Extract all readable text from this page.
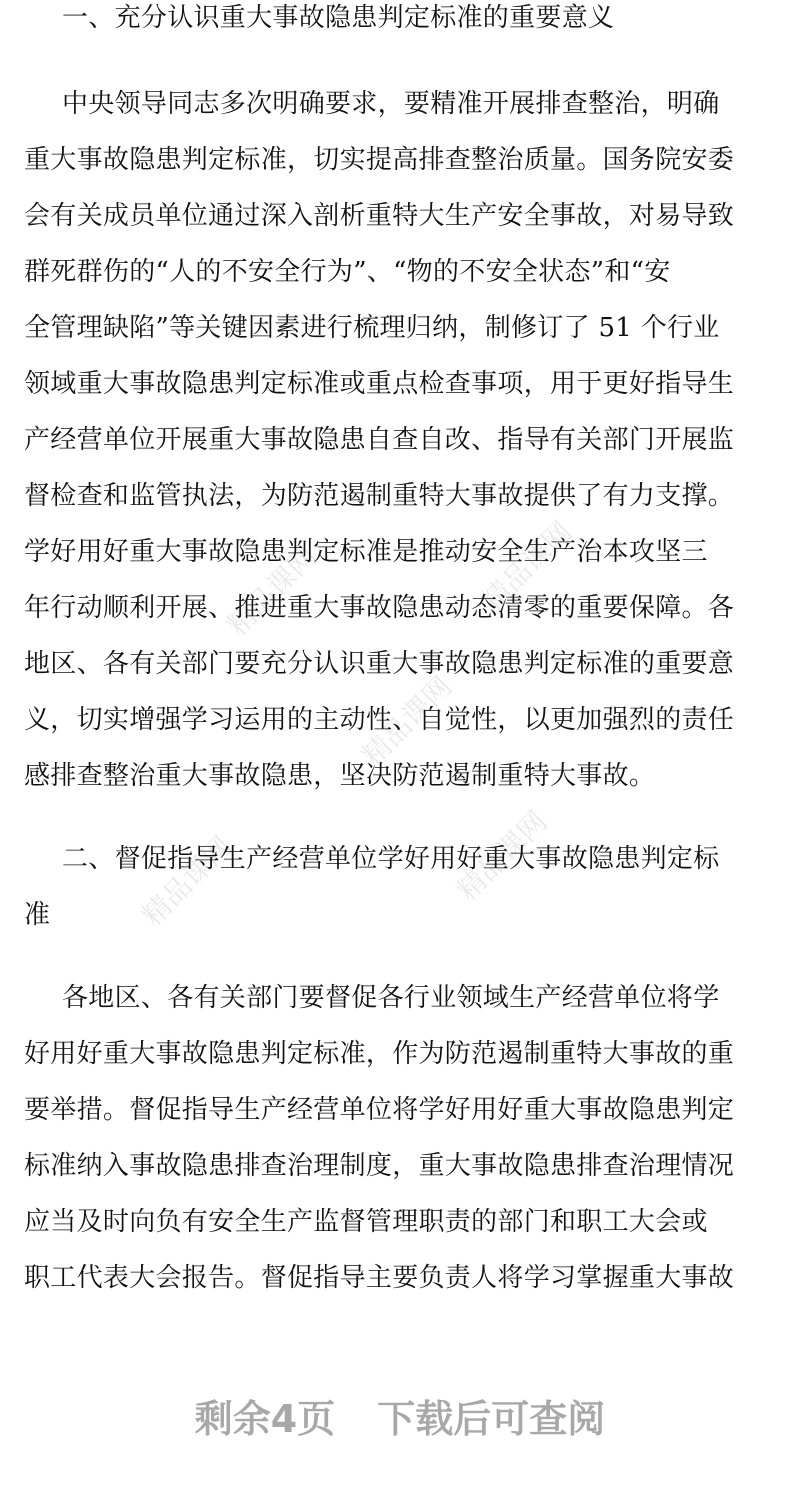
精品课网	精品课网
精品课网
精品课网	精品课网
一、充分认识重大事故隐患判定标准的重要意义
中央领导同志多次明确要求，要精准开展排查整治，明确
重大事故隐患判定标准，切实提高排查整治质量。国务院安委
会有关成员单位通过深入剖析重特大生产安全事故，对易导致
群死群伤的“人的不安全行为”、“物的不安全状态”和“安
全管理缺陷”等关键因素进行梳理归纳，制修订了 51 个行业
领域重大事故隐患判定标准或重点检查事项，用于更好指导生
产经营单位开展重大事故隐患自查自改、指导有关部门开展监
督检查和监管执法，为防范遏制重特大事故提供了有力支撑。
学好用好重大事故隐患判定标准是推动安全生产治本攻坚三
年行动顺利开展、推进重大事故隐患动态清零的重要保障。各
地区、各有关部门要充分认识重大事故隐患判定标准的重要意
义，切实增强学习运用的主动性、自觉性，以更加强烈的责任
感排查整治重大事故隐患，坚决防范遏制重特大事故。
二、督促指导生产经营单位学好用好重大事故隐患判定标
准
各地区、各有关部门要督促各行业领域生产经营单位将学
好用好重大事故隐患判定标准，作为防范遏制重特大事故的重
要举措。督促指导生产经营单位将学好用好重大事故隐患判定
标准纳入事故隐患排查治理制度，重大事故隐患排查治理情况
应当及时向负有安全生产监督管理职责的部门和职工大会或
职工代表大会报告。督促指导主要负责人将学习掌握重大事故
剩余4页 下载后可查阅
